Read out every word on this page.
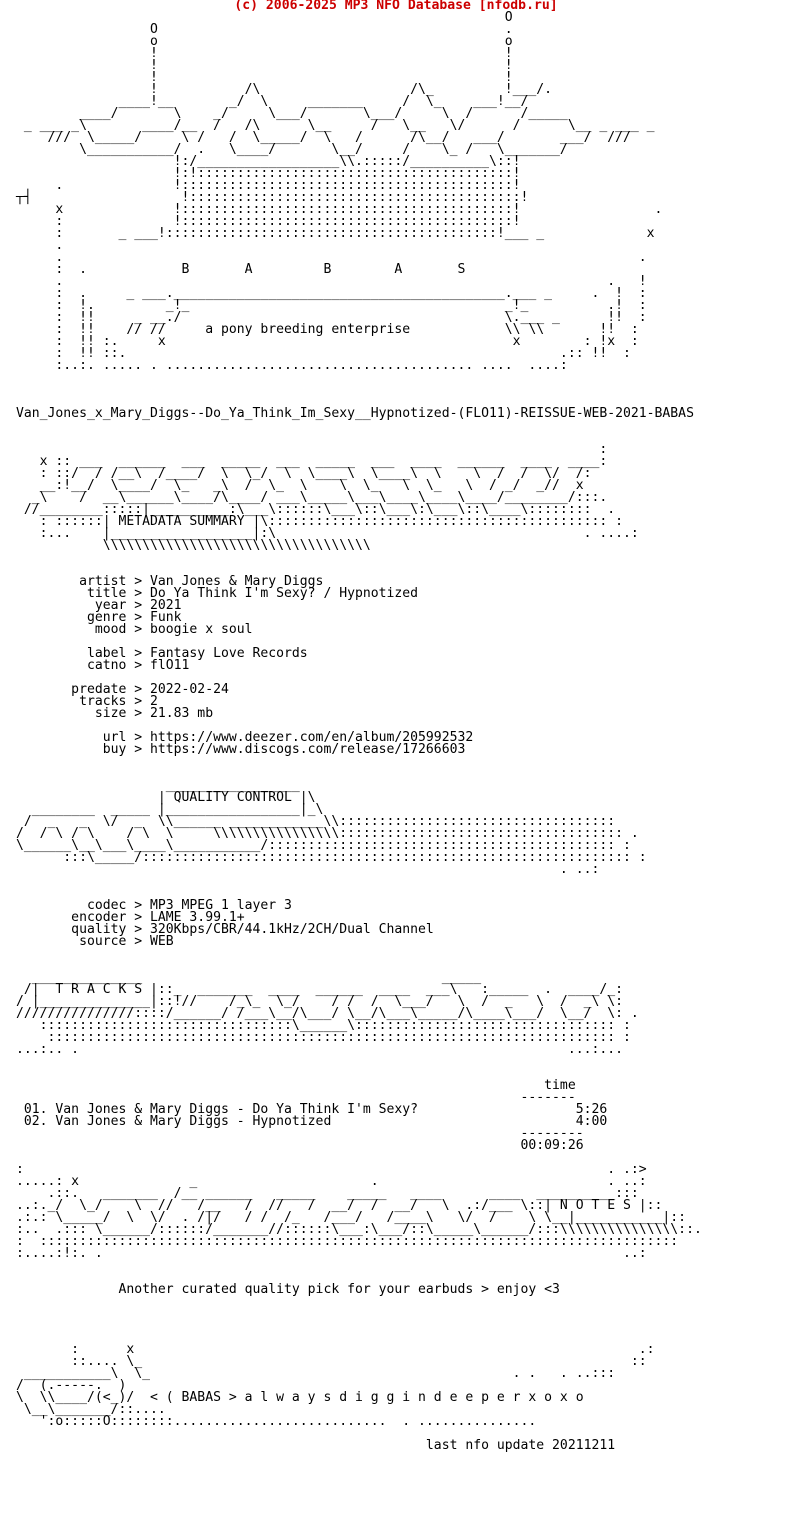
(c) 2006-2025 MP3 NFO Database [nfodb.ru]
O
O                                            .
o                                            o
!                                            !
!                                            !
!                                            !
!           /\                   /\_         !___/.
____!__       _/  \     _______     /  \_    ___!__/
____/       \    _/     \___/       \___/     \  /      /_____
_ ___ _\       ____/__  /   /\      \__     /   \__   \/      /      \__ _ ___ _
///  \_____/     \ /   /  \_____/  \   /      /\__/   ___/       ___/  ///
\___________/  .   \____/       \__/     /    \_ /   \_______/
!:/__________________\\.:::::/__________\::!
!:!::::::::::::::::::::::::::::::::::::::::!
.              !::::::::::::::::::::::::::::::::::::::::::!
┬┤                   !::::::::::::::::::::::::::::::::::::::::::!
x              !::::::::::::::::::::::::::::::::::::::::::!                 .
:              !::::::::::::::::::::::::::::::::::::::::::!
:       _ ___!::::::::::::::::::::::::::::::::::::::::::!___ _             x
.
.                                                                         .
:  .            B       A         B        A       S
.                                                                     .   !
:  .     _ ___.__________________________________________.___ _     .  !  :
:  !.         _!_                                        _!_          .!  :
:  !!     _ __./                                         \.___ _      !!  :
:  !!    // //     a pony breeding enterprise            \\ \\       !!  :
:  !! :.     x                                            x        : !x  :
:  !! ::.                                                       .:: !!  :
:..:. ..... . ....................................... ....  ....:

Van_Jones_x_Mary_Diggs--Do_Ya_Think_Im_Sexy__Hypnotized-(FLO11)-REISSUE-WEB-2021-BABAS

:
x :: ___  ______  ___  _____  ___  _____  ___  ____  ______  ____  ____:
: ::/  / /__\  /____/  \  \_/  \  \____\  \____\  \    \  /  /  \/  /:
__:!__/  \____/  \_   _\  /  \_  \    \  \_   \  \_   \  / _/  _//  x
_\    /  __\______\____/\____/ ___\_____\___\____\____\____/________/:::.
//________:::::|__________:\___\::::::\___\::\___\:\___\::\____\::::::::  .
: ::::::| METADATA SUMMARY |\::::::::::::::::::::::::::::::::::::::::::: :
:...    |__________________|:\                                       . ....:
\\\\\\\\\\\\\\\\\\\\\\\\\\\\\\\\\\

artist > Van Jones & Mary Diggs
title > Do Ya Think I'm Sexy? / Hypnotized
year > 2021
genre > Funk
mood > boogie x soul

label > Fantasy Love Records
catno > flO11

predate > 2022-02-24
tracks > 2
size > 21.83 mb

url > https://www.deezer.com/en/album/205992532
buy > https://www.discogs.com/release/17266603

_________________
| QUALITY CONTROL |\
________  _____ |_________________|_\
/  _   _  \/  _  \\______ ____________\\:::::::::::::::::::::::::::::::::::
/  / \ / \    / \  \     \\\\\\\\\\\\\\\\:::::::::::::::::::::::::::::::::::: .
\______\__\___\____\___________/:::::::::::::::::::::::::::::::::::::::::::: :
:::\_____/:::::::::::::::::::::::::::::::::::::::::::::::::::::::::::::: :
. ..:

codec > MP3 MPEG 1 layer 3
encoder > LAME 3.99.1+
quality > 320Kbps/CBR/44.1kHz/2CH/Dual Channel
source > WEB

______________                                      _____
/|  T R A C K S |::_  _______  ____  ______  ____  ___\   :_____  .  ____/_:
/ |______________|::!//    /_\_  \_/    / /  /  \___/   \  /  _   \  /  _\ \:
///////////////::::/______/ /___\__/\___/ \__/\___\_____/\____\___/  \__/  \: .
::::::::::::::::::::::::::::::::\______\::::::::::::::::::::::::::::::::: :
:::::::::::::::::::::::::::::::::::::::::::::::::::::::::::::::::::::::: :
...:.. .                                                              ...:...

time
-------
01. Van Jones & Mary Diggs - Do Ya Think I'm Sexy?                    5:26
02. Van Jones & Mary Diggs - Hypnotized                               4:00
--------
00:09:26

:                                                                          . .:>
.....: x              _                      .                             . ..:
.::.   _______  /__ ______   _____    _____   ____      ____  __________:::
..:._/  \_/    \  //   /__   /  //   /  __/  /  __/   \  .:/___ \::| N O T E S |::
.:.: \_____/  \  \/  . /|/   / /  /_   /___/   /____\   \/  /    \ \__|___________|::
:..  .::: \______/::::::/_______//::::::\___:\___/::\_____\______/:::\\\\\\\\\\\\\\\::.
:  :::::::::::::::::::::::::::::::::::::::::::::::::::::::::::::::::::::::::::::::::
:....:!:. .                                                                  ..:

Another curated quality pick for your earbuds > enjoy <3

:      x                                                                .:
::.... \_                                                              ::
___________\  \_                                              . .   . ..:::
/  (.-----.  )
\  \\____/(<_)/  < ( BABAS > a l w a y s d i g g i n d e e p e r x o x o
\__\_______/::....
':o:::::O::::::::...........................  . ...............

last nfo update 20211211
